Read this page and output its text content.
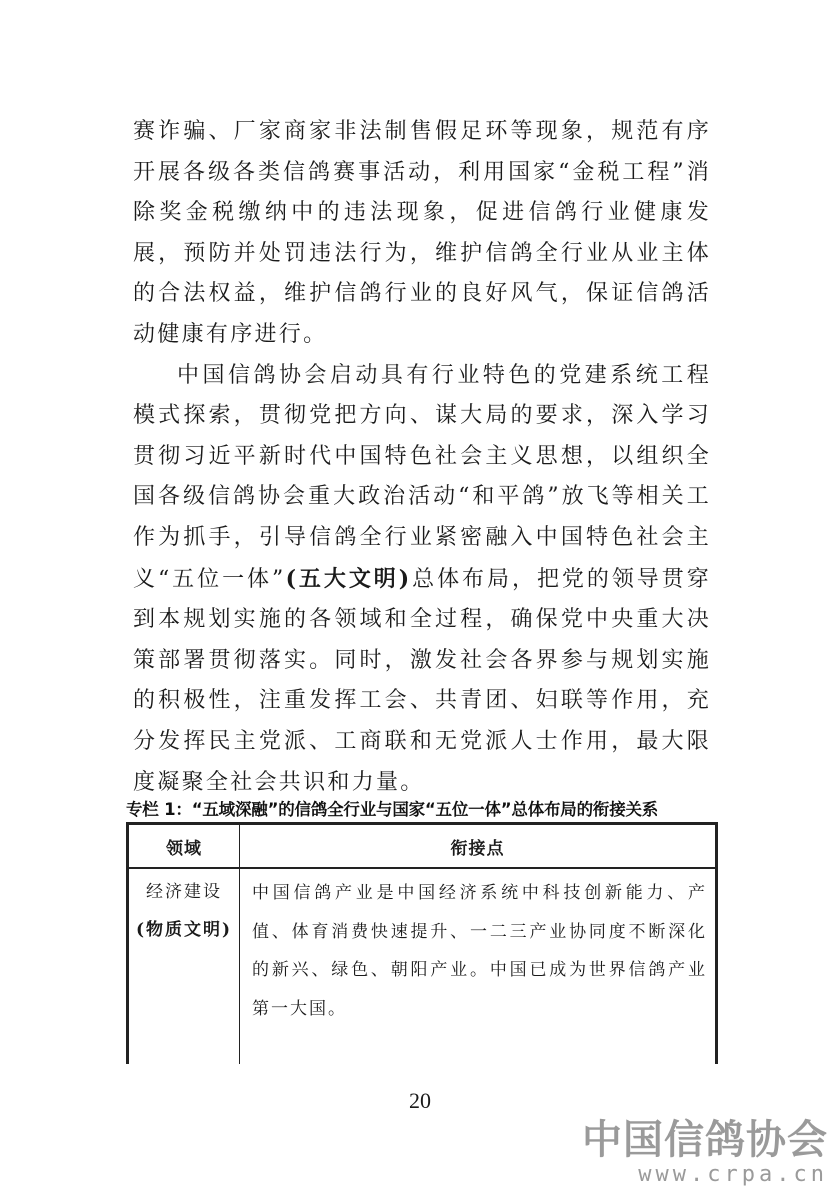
赛诈骗、厂家商家非法制售假足环等现象，规范有序开展各级各类信鸽赛事活动，利用国家“金税工程”消除奖金税缴纳中的违法现象，促进信鸽行业健康发展，预防并处罚违法行为，维护信鸽全行业从业主体的合法权益，维护信鸽行业的良好风气，保证信鸽活动健康有序进行。

中国信鸽协会启动具有行业特色的党建系统工程模式探索，贯彻党把方向、谋大局的要求，深入学习贯彻习近平新时代中国特色社会主义思想，以组织全国各级信鸽协会重大政治活动“和平鸽”放飞等相关工作为抓手，引导信鸽全行业紧密融入中国特色社会主义“五位一体”(五大文明)总体布局，把党的领导贯穿到本规划实施的各领域和全过程，确保党中央重大决策部署贯彻落实。同时，激发社会各界参与规划实施的积极性，注重发挥工会、共青团、妇联等作用，充分发挥民主党派、工商联和无党派人士作用，最大限度凝聚全社会共识和力量。

专栏 1：“五域深融”的信鸽全行业与国家“五位一体”总体布局的衔接关系
领域	衔接点

经济建设
(物质文明)	中国信鸽产业是中国经济系统中科技创新能力、产值、体育消费快速提升、一二三产业协同度不断深化的新兴、绿色、朝阳产业。中国已成为世界信鸽产业第一大国。

20
中国信鸽协会
www.crpa.cn
